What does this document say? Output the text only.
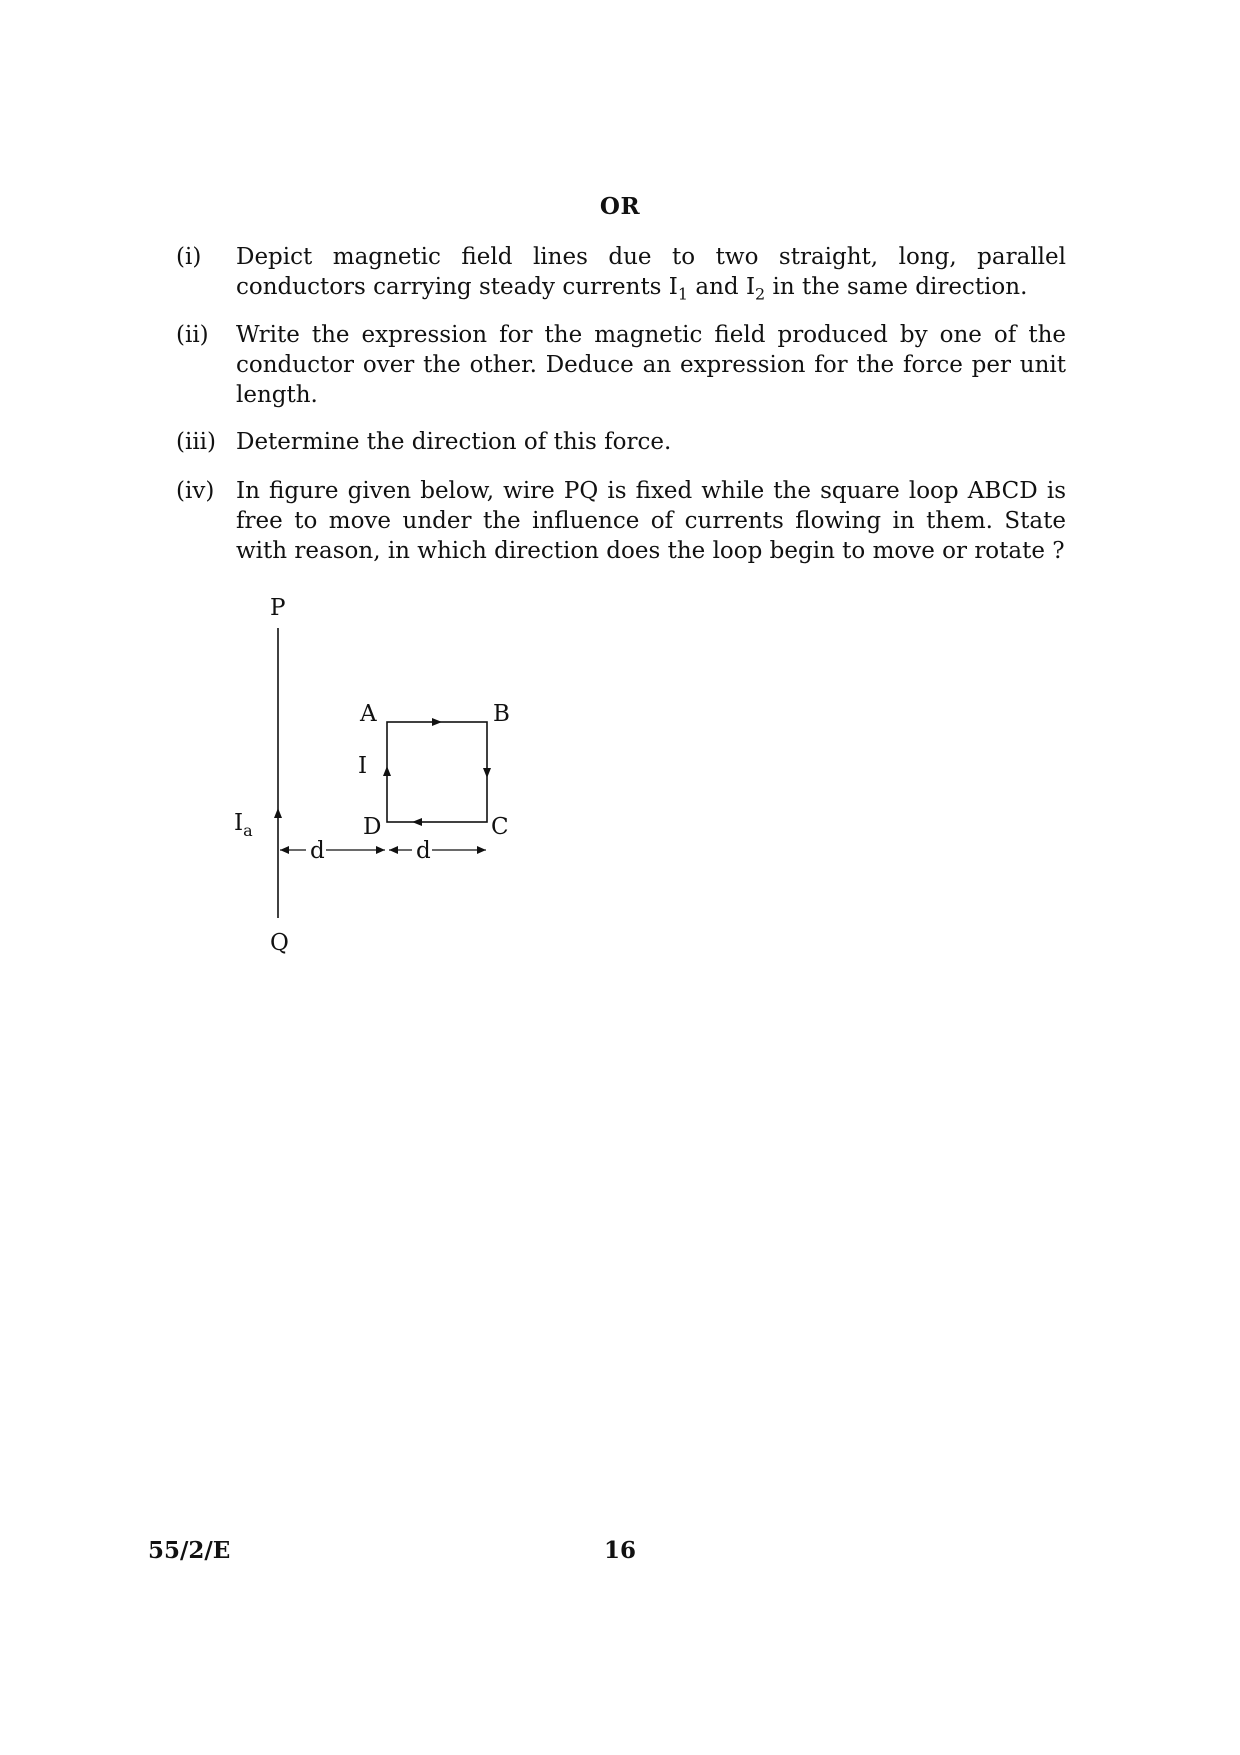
OR
(i)	Depict magnetic field lines due to two straight, long, parallel conductors carrying steady currents $I_1$ and $I_2$ in the same direction.
(ii)	Write the expression for the magnetic field produced by one of the conductor over the other. Deduce an expression for the force per unit length.
(iii) Determine the direction of this force.
(iv) In figure given below, wire PQ is fixed while the square loop ABCD is free to move under the influence of currents flowing in them. State with reason, in which direction does the loop begin to move or rotate ?
P
Q
$I_a$
A	B
C
D
I
d	d
55/2/E	16
